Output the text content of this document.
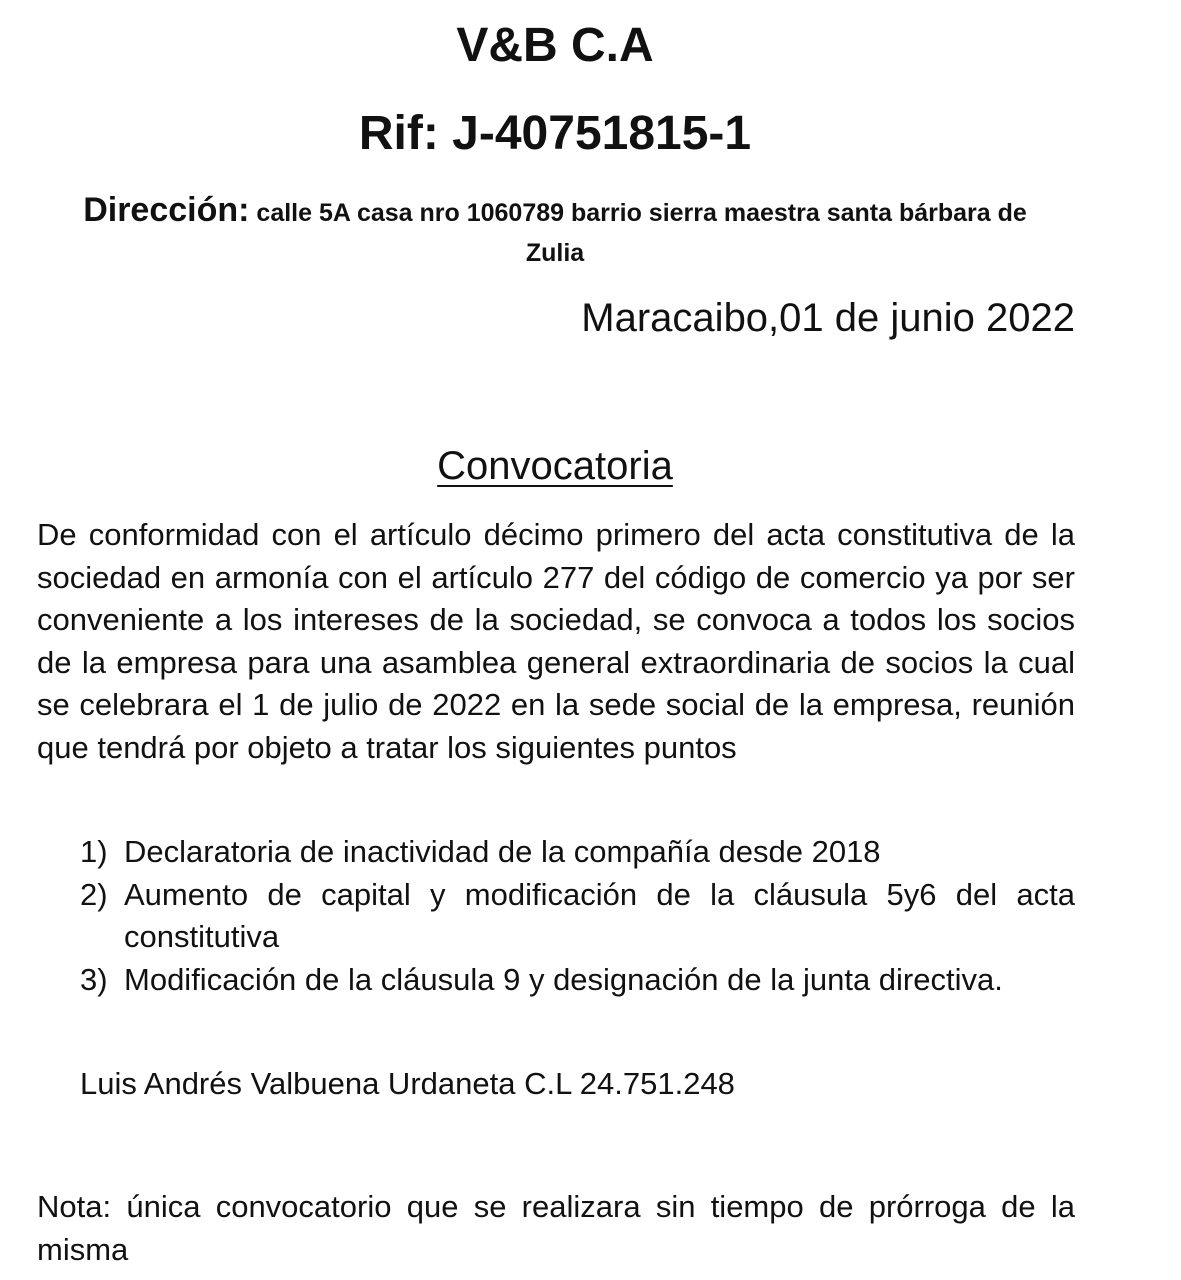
V&B C.A
Rif: J-40751815-1
Dirección: calle 5A casa nro 1060789 barrio sierra maestra santa bárbara de Zulia
Maracaibo,01 de junio 2022
Convocatoria
De conformidad con el artículo décimo primero del acta constitutiva de la sociedad en armonía con el artículo 277 del código de comercio ya por ser conveniente a los intereses de la sociedad, se convoca a todos los socios de la empresa para una asamblea general extraordinaria de socios la cual se celebrara el 1 de julio de 2022 en la sede social de la empresa, reunión que tendrá por objeto a tratar los siguientes puntos
1) Declaratoria de inactividad de la compañía desde 2018
2) Aumento de capital y modificación de la cláusula 5y6 del acta constitutiva
3) Modificación de la cláusula 9 y designación de la junta directiva.
Luis Andrés Valbuena Urdaneta C.L 24.751.248
Nota: única convocatorio que se realizara sin tiempo de prórroga de la misma
